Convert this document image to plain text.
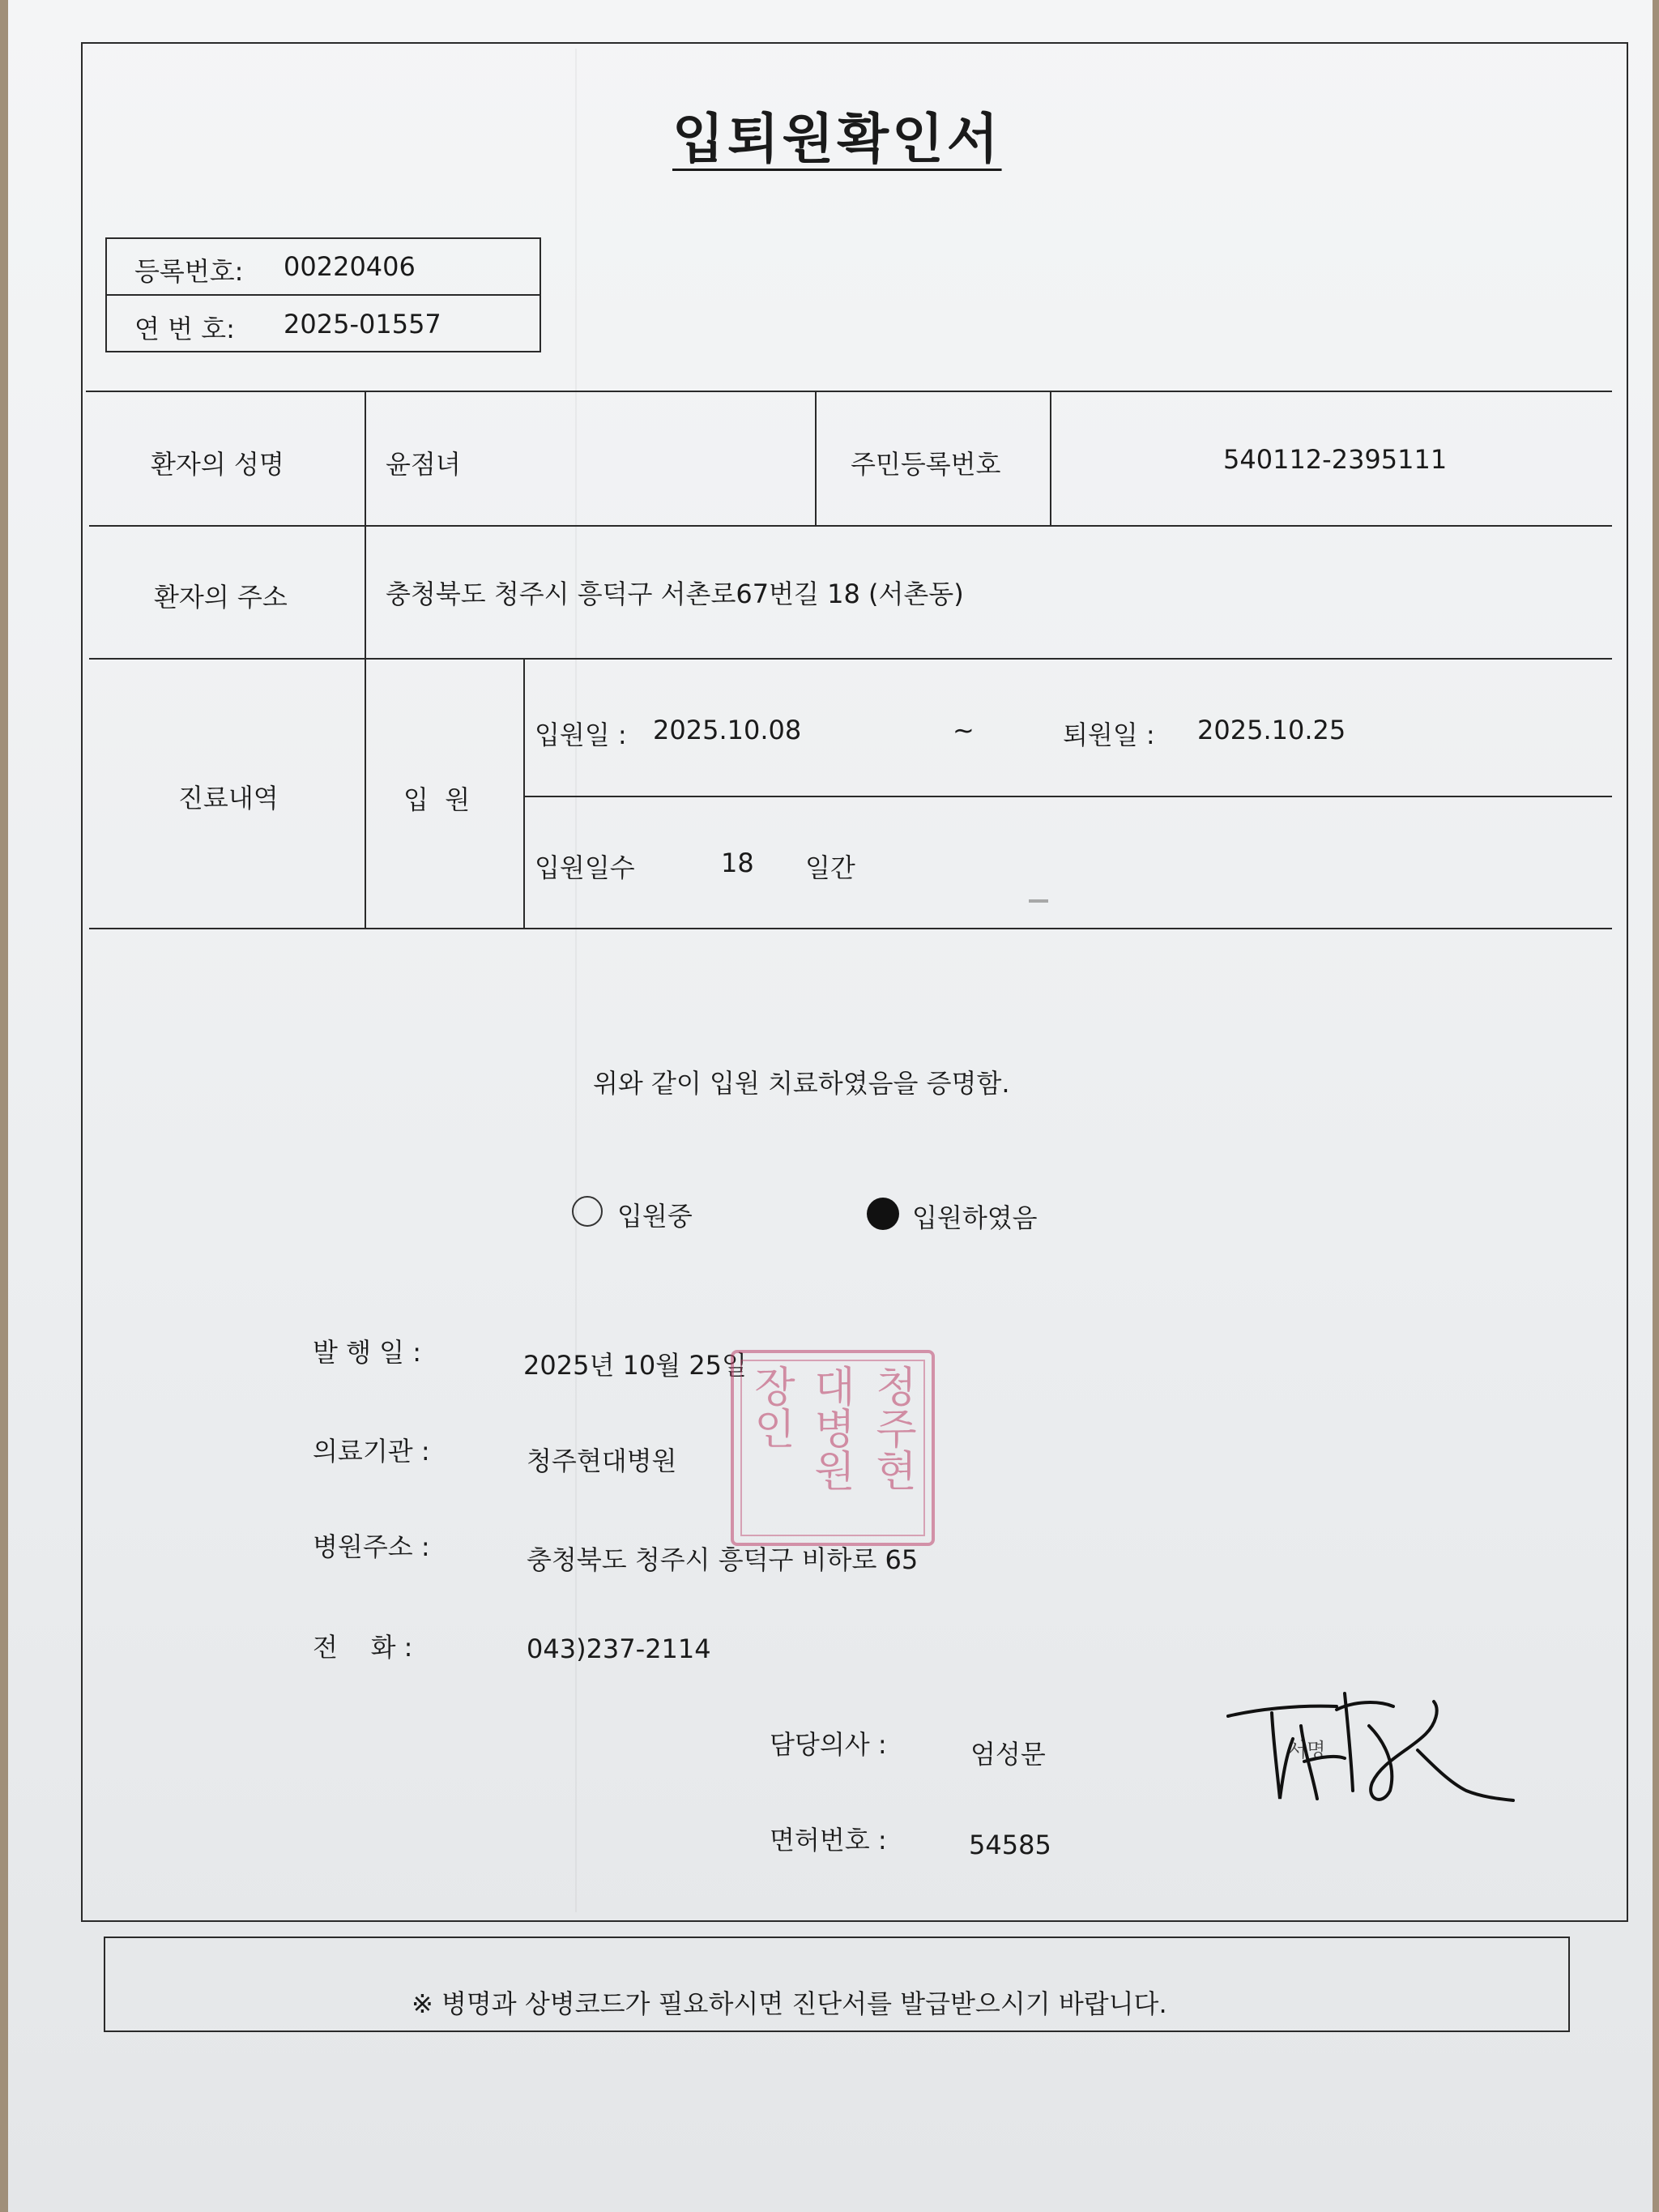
입퇴원확인서
등록번호: 00220406
연 번 호: 2025-01557
환자의 성명	윤점녀	주민등록번호	540112-2395111
환자의 주소	충청북도 청주시 흥덕구 서촌로67번길 18 (서촌동)
진료내역	입  원
입원일 : 2025.10.08	~	퇴원일 : 2025.10.25
입원일수	18 일간
위와 같이 입원 치료하였음을 증명함.
입원중	입원하였음
발 행 일 :	2025년 10월 25일
의료기관 :	청주현대병원
병원주소 :	충청북도 청주시 흥덕구 비하로 65
전    화 :	043)237-2114
청주현
대병원
장인
담당의사 :	엄성문	서명
면허번호 :	54585
※ 병명과 상병코드가 필요하시면 진단서를 발급받으시기 바랍니다.
